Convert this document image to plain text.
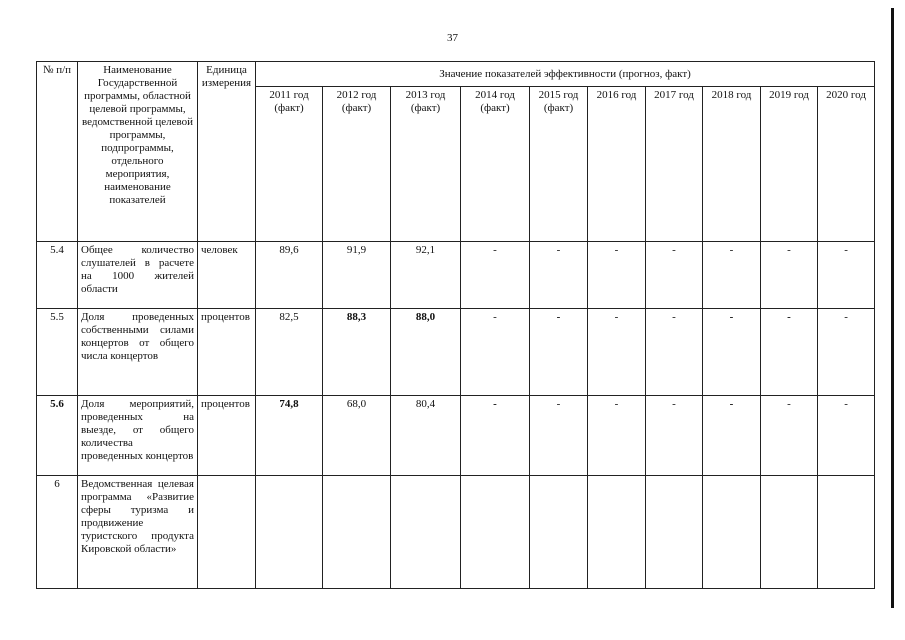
37
№ п/п	Наименование Государственной программы, областной целевой программы, ведомственной целевой программы, подпрограммы, отдельного мероприятия, наименование показателей	Единица измерения	Значение показателей эффективности (прогноз, факт)									
			2011 год (факт)	2012 год (факт)	2013 год (факт)	2014 год (факт)	2015 год (факт)	2016 год	2017 год	2018 год	2019 год	2020 год
5.4	Общее количество слушателей в расчете на 1000 жителей области	человек	89,6	91,9	92,1	-	-	-	-	-	-	-
5.5	Доля проведенных собственными силами концертов от общего числа концертов	процентов	82,5	88,3	88,0	-	-	-	-	-	-	-
5.6	Доля мероприятий, проведенных на выезде, от общего количества проведенных концертов	процентов	74,8	68,0	80,4	-	-	-	-	-	-	-
6	Ведомственная целевая программа «Развитие сферы туризма и продвижение туристского продукта Кировской области»											
